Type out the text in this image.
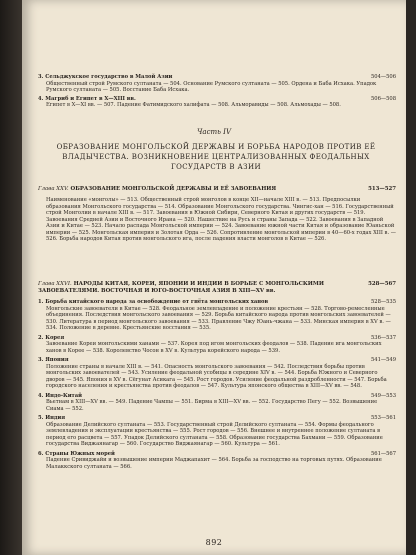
3. Сельджукское государство в Малой Азии	504—506
Общественный строй Румского султаната — 504. Основание Румского султаната — 505. Ордена и Баба Исхака. Упадок Румского султаната — 505. Восстание Баба Исхака.
4. Магриб и Египет в X—XIII вв.	506—508
Египет в X—XI вв. — 507. Падение Фатимидского халифата — 508. Альморавиды — 508. Альмохады — 508.
Часть IV
ОБРАЗОВАНИЕ МОНГОЛЬСКОЙ ДЕРЖАВЫ И БОРЬБА НАРОДОВ ПРОТИВ ЕЁ ВЛАДЫЧЕСТВА. ВОЗНИКНОВЕНИЕ ЦЕНТРАЛИЗОВАННЫХ ФЕОДАЛЬНЫХ ГОСУДАРСТВ В АЗИИ
Глава XXV. ОБРАЗОВАНИЕ МОНГОЛЬСКОЙ ДЕРЖАВЫ И ЕЁ ЗАВОЕВАНИЯ	513—527
Наименование «монголы» — 513. Общественный строй монголов в конце XII—начале XIII в. — 513. Предпосылки образования Монгольского государства — 514. Образование Монгольского государства. Чингис-хан — 516. Государственный строй Монголии в начале XIII в. — 517. Завоевания в Южной Сибири, Северного Китая и других государств — 519. Завоевания Средней Азии и Восточного Ирана — 520. Нашествие на Русь и страны Запада — 522. Завоевания в Западной Азии и Китае — 523. Начало распада Монгольской империи — 524. Завоевание южной части Китая и образование Юаньской империи — 525. Монгольская империя и Золотая Орда — 526. Сопротивление монгольской империи в 40—60-х годах XIII в. — 526. Борьба народов Китая против монгольского ига, после падения власти монголов в Китае — 526.
Глава XXVI. НАРОДЫ КИТАЯ, КОРЕИ, ЯПОНИИ И ИНДИИ В БОРЬБЕ С МОНГОЛЬСКИМИ ЗАВОЕВАТЕЛЯМИ. ВОСТОЧНАЯ И ЮГО-ВОСТОЧНАЯ АЗИЯ В XIII—XV вв.
528—567
1. Борьба китайского народа за освобождение от гнёта монгольских ханов	528—535
Монгольские завоеватели в Китае — 528. Феодальное землевладение и положение крестьян — 528. Торгово-ремесленные объединения. Последствия монгольского завоевания — 529. Борьба китайского народа против монгольских завоевателей — 530. Литература в период монгольского завоевания — 533. Правление Чжу Юань-чжана — 533. Минская империя в XV в. — 534. Положение в деревне. Крестьянские восстания — 535.
2. Корея	536—537
Завоевание Кореи монгольскими ханами — 537. Корея под игом монгольских феодалов — 538. Падение ига монгольских ханов в Корее — 538. Королевство Чосон в XV в. Культура корейского народа — 539.
3. Япония	541—549
Положение страны в начале XIII в. — 541. Опасность монгольского завоевания — 542. Последствия борьбы против монгольских завоевателей — 543. Усиление феодальной усобицы в середине XIV в. — 544. Борьба Южного и Северного дворов — 545. Япония в XV в. Сёгунат Асикага — 545. Рост городов. Усиление феодальной раздробленности — 547. Борьба городского населения и крестьянства против феодалов — 547. Культура японского общества в XIII—XV вв. — 548.
4. Индо-Китай	549—553
Вьетнам в XIII—XV вв. — 549. Падение Чампы — 551. Бирма в XIII—XV вв. — 552. Государство Пегу — 552. Возвышение Сиама — 552.
5. Индия	553—561
Образование Делийского султаната — 553. Государственный строй Делийского султаната — 554. Формы феодального землевладения и эксплуатации крестьянства — 555. Рост городов — 556. Внешнее и внутреннее положение султаната в период его расцвета — 557. Упадок Делийского султаната — 558. Образование государства Бахмани — 559. Образование государства Виджаянагар — 560. Государство Виджаянагар — 560. Культура — 561.
6. Страны Южных морей	561—567
Падение Сривиджайи и возвышение империи Маджапахит — 564. Борьба за господство на торговых путях. Образование Малаккского султаната — 566.
892
